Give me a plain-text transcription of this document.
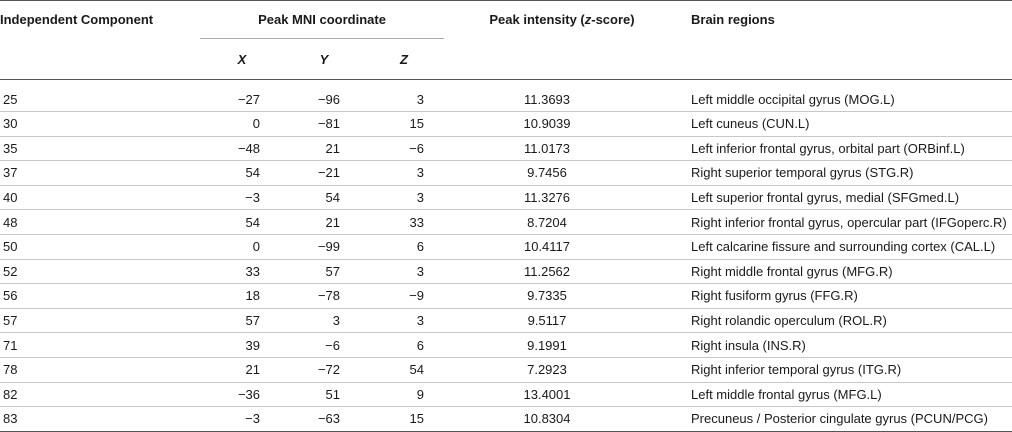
Independent Component	Peak MNI coordinate			Peak intensity (z-score)	Brain regions
	X	Y	Z		
25	−27	−96	3	11.3693	Left middle occipital gyrus (MOG.L)
30	0	−81	15	10.9039	Left cuneus (CUN.L)
35	−48	21	−6	11.0173	Left inferior frontal gyrus, orbital part (ORBinf.L)
37	54	−21	3	9.7456	Right superior temporal gyrus (STG.R)
40	−3	54	3	11.3276	Left superior frontal gyrus, medial (SFGmed.L)
48	54	21	33	8.7204	Right inferior frontal gyrus, opercular part (IFGoperc.R)
50	0	−99	6	10.4117	Left calcarine fissure and surrounding cortex (CAL.L)
52	33	57	3	11.2562	Right middle frontal gyrus (MFG.R)
56	18	−78	−9	9.7335	Right fusiform gyrus (FFG.R)
57	57	3	3	9.5117	Right rolandic operculum (ROL.R)
71	39	−6	6	9.1991	Right insula (INS.R)
78	21	−72	54	7.2923	Right inferior temporal gyrus (ITG.R)
82	−36	51	9	13.4001	Left middle frontal gyrus (MFG.L)
83	−3	−63	15	10.8304	Precuneus / Posterior cingulate gyrus (PCUN/PCG)
